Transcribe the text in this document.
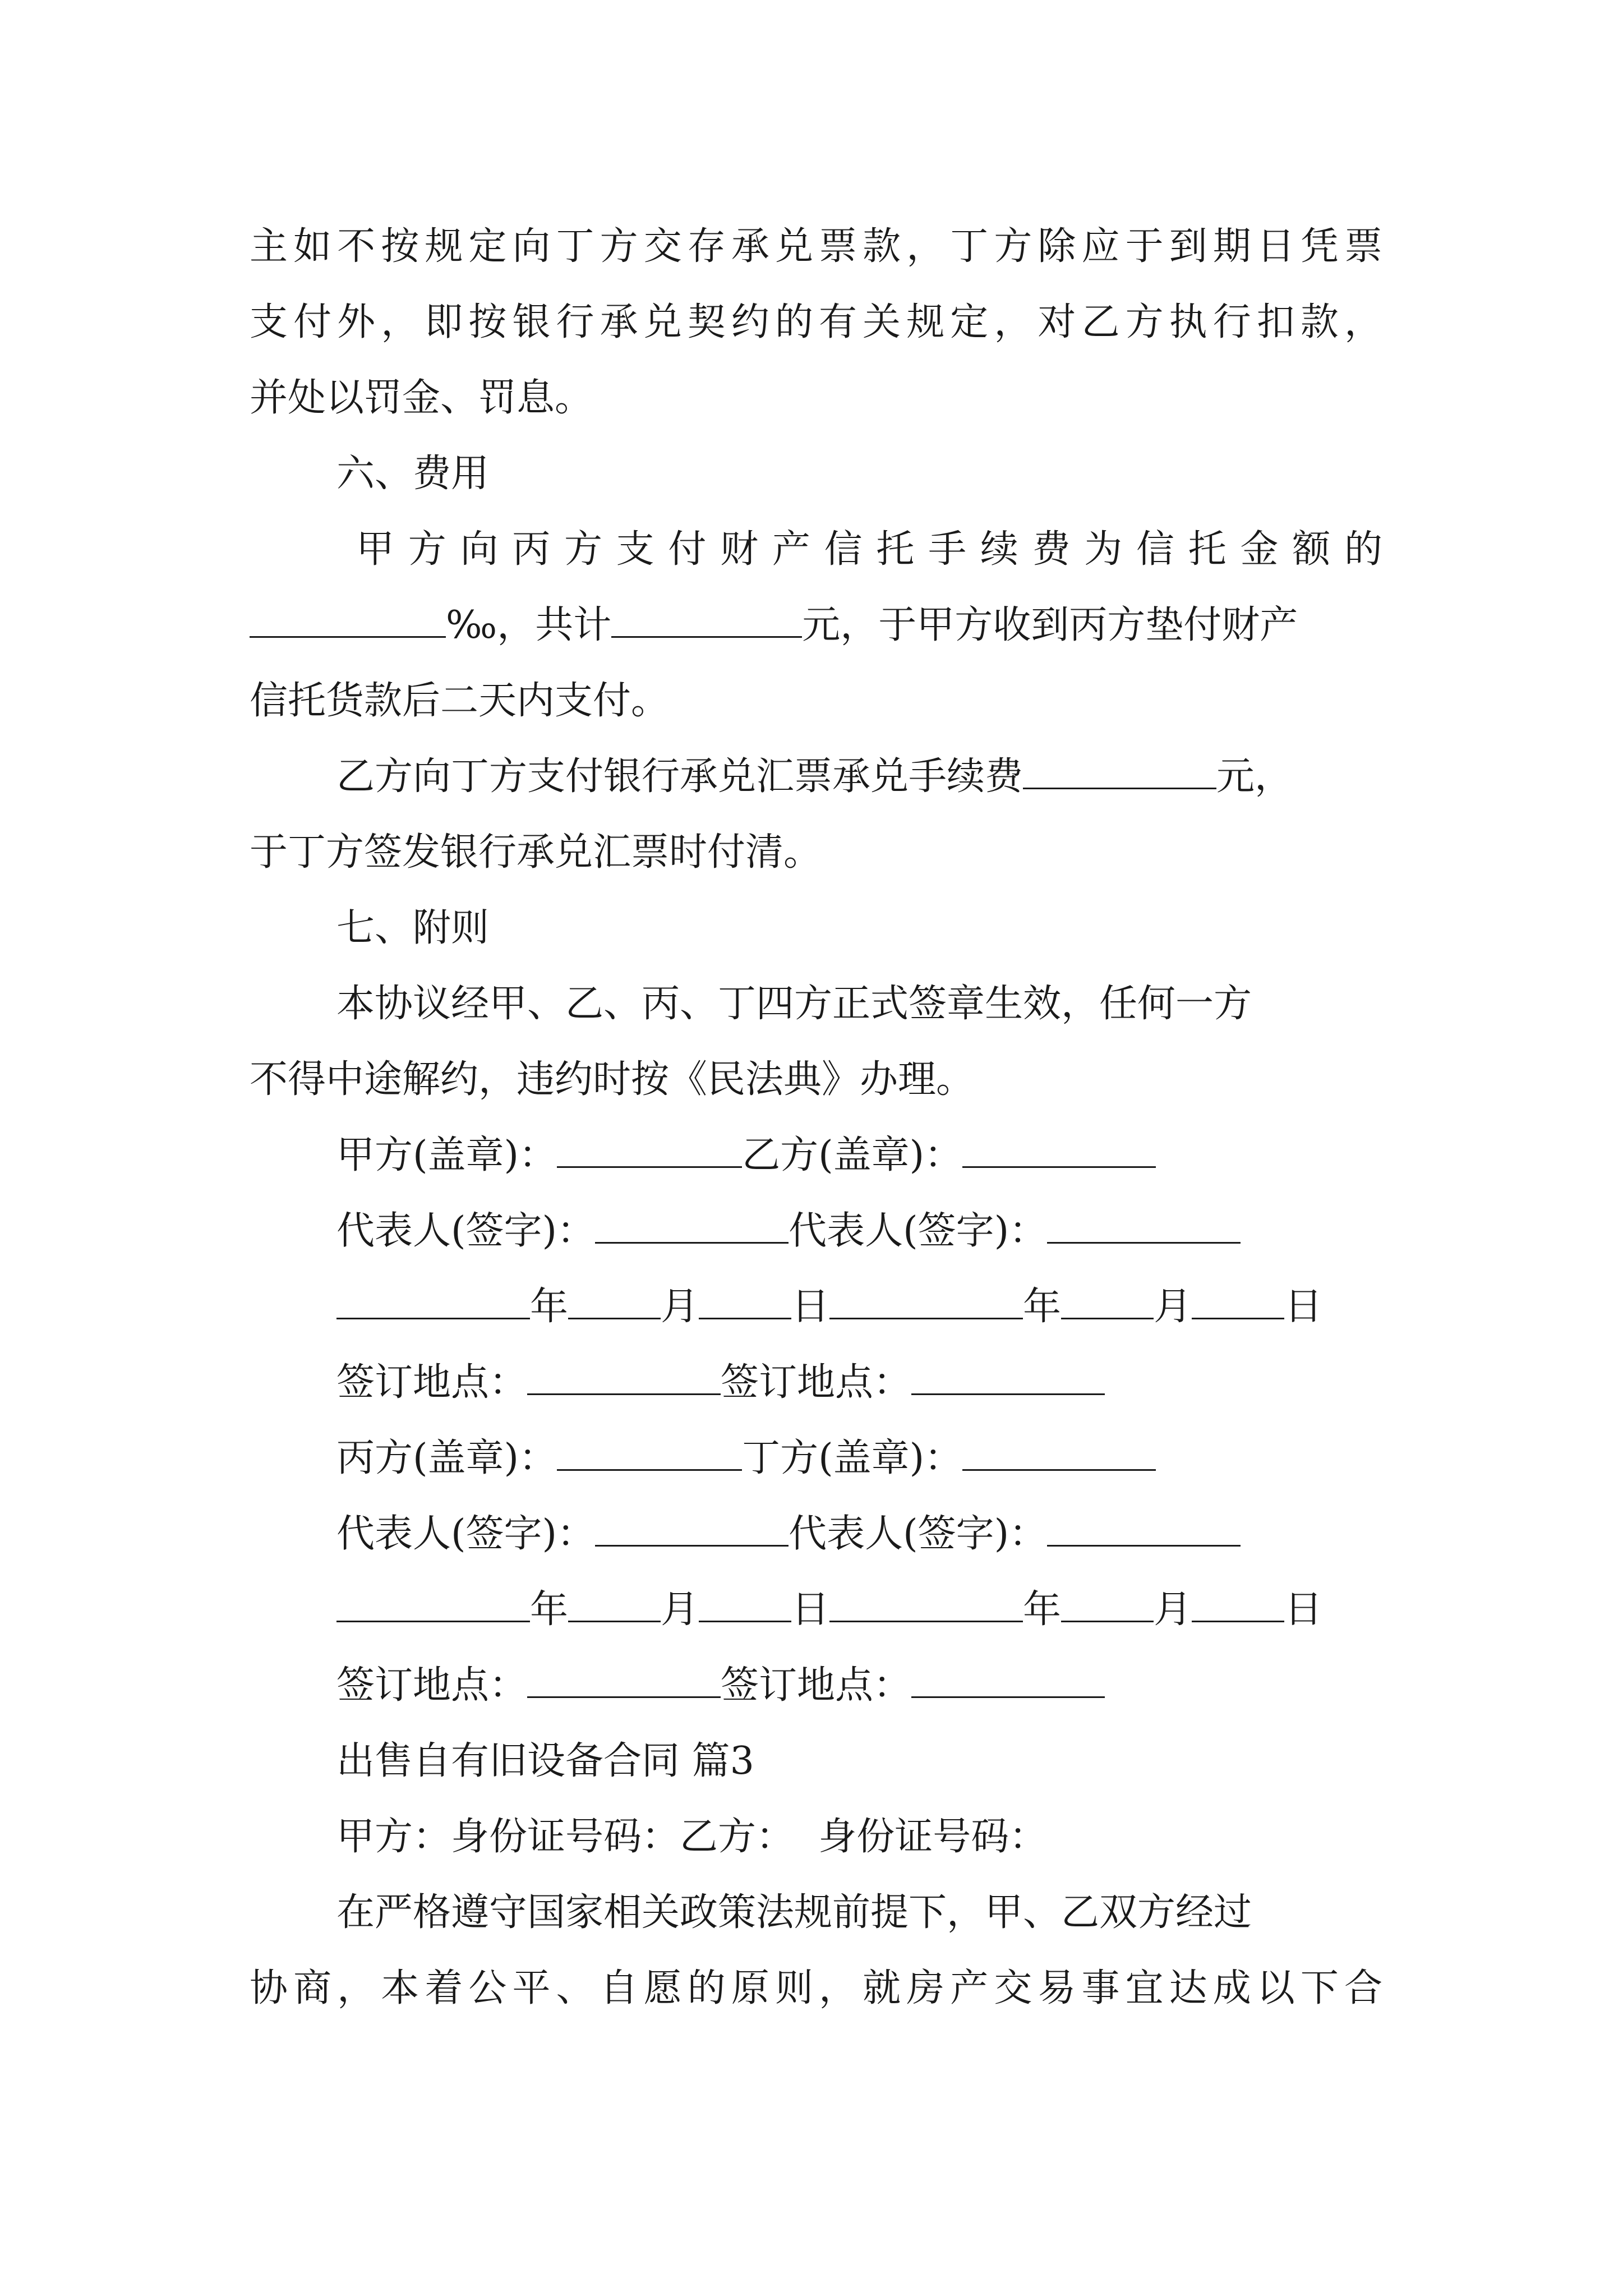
主如不按规定向丁方交存承兑票款，丁方除应于到期日凭票
支付外，即按银行承兑契约的有关规定，对乙方执行扣款，
并处以罚金、罚息。
六、费用
甲方向丙方支付财产信托手续费为信托金额的
‰，共计	元，于甲方收到丙方垫付财产
信托货款后二天内支付。
乙方向丁方支付银行承兑汇票承兑手续费	元，
于丁方签发银行承兑汇票时付清。
七、附则
本协议经甲、乙、丙、丁四方正式签章生效，任何一方
不得中途解约，违约时按《民法典》办理。
甲方(盖章)：	乙方(盖章)：
代表人(签字)：	代表人(签字)：
年 月 日	年 月 日
签订地点：	签订地点：
丙方(盖章)：	丁方(盖章)：
代表人(签字)：	代表人(签字)：
年 月 日	年 月 日
签订地点：	签订地点：
出售自有旧设备合同 篇3
甲方：身份证号码：乙方：  身份证号码：
在严格遵守国家相关政策法规前提下，甲、乙双方经过
协商，本着公平、自愿的原则，就房产交易事宜达成以下合
